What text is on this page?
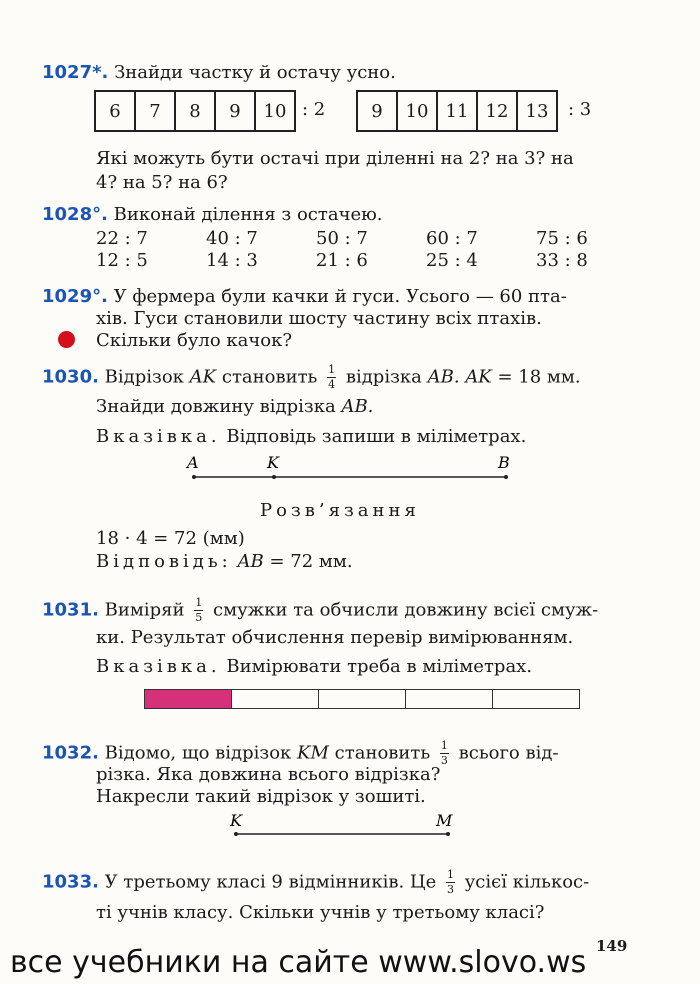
1027*. Знайди частку й остачу усно.
6	7	8	9	10 : 2	9	10 11 12 13	: 3
Які можуть бути остачі при діленні на 2? на 3? на
4? на 5? на 6?
1028°. Виконай ділення з остачею.
22 : 7	40 : 7	50 : 7	60 : 7	75 : 6
12 : 5	14 : 3	21 : 6	25 : 4	33 : 8
1029°. У фермера були качки й гуси. Усього — 60 пта-
хів. Гуси становили шосту частину всіх птахів.
Скільки було качок?
1030. Відрізок AK становить $\frac{1}{4}$ відрізка AB. AK = 18 мм.
Знайди довжину відрізка AB.
Вказівка. Відповідь запиши в міліметрах.
A	K	B
Розв’язання
18 · 4 = 72 (мм)
Відповідь: AB = 72 мм.
1031. Виміряй $\frac{1}{5}$ смужки та обчисли довжину всієї смуж-
ки. Результат обчислення перевір вимірюванням.
Вказівка. Вимірювати треба в міліметрах.
1032. Відомо, що відрізок KM становить $\frac{1}{3}$ всього від-
різка. Яка довжина всього відрізка?
Накресли такий відрізок у зошиті.
K	M
1033. У третьому класі 9 відмінників. Це $\frac{1}{3}$ усієї кількос-
ті учнів класу. Скільки учнів у третьому класі?
149
все учебники на сайте www.slovo.ws
